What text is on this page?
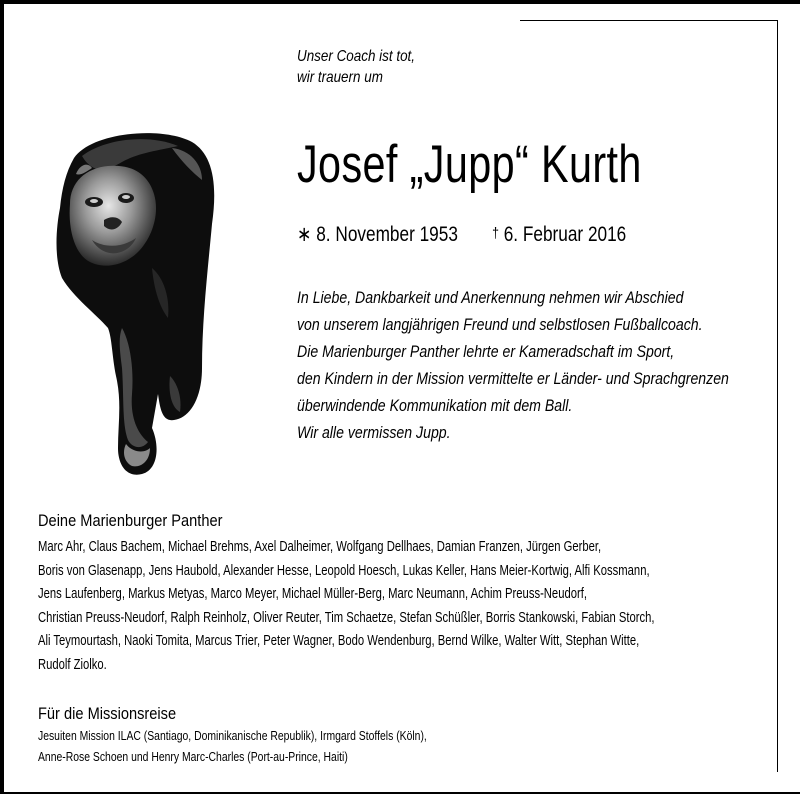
Unser Coach ist tot,
wir trauern um
Josef „Jupp“ Kurth
∗ 8. November 1953 † 6. Februar 2016
In Liebe, Dankbarkeit und Anerkennung nehmen wir Abschied
von unserem langjährigen Freund und selbstlosen Fußballcoach.
Die Marienburger Panther lehrte er Kameradschaft im Sport,
den Kindern in der Mission vermittelte er Länder- und Sprachgrenzen
überwindende Kommunikation mit dem Ball.
Wir alle vermissen Jupp.
Deine Marienburger Panther
Marc Ahr, Claus Bachem, Michael Brehms, Axel Dalheimer, Wolfgang Dellhaes, Damian Franzen, Jürgen Gerber,
Boris von Glasenapp, Jens Haubold, Alexander Hesse, Leopold Hoesch, Lukas Keller, Hans Meier-Kortwig, Alfi Kossmann,
Jens Laufenberg, Markus Metyas, Marco Meyer, Michael Müller-Berg, Marc Neumann, Achim Preuss-Neudorf,
Christian Preuss-Neudorf, Ralph Reinholz, Oliver Reuter, Tim Schaetze, Stefan Schüßler, Borris Stankowski, Fabian Storch,
Ali Teymourtash, Naoki Tomita, Marcus Trier, Peter Wagner, Bodo Wendenburg, Bernd Wilke, Walter Witt, Stephan Witte,
Rudolf Ziolko.
Für die Missionsreise
Jesuiten Mission ILAC (Santiago, Dominikanische Republik), Irmgard Stoffels (Köln),
Anne-Rose Schoen und Henry Marc-Charles (Port-au-Prince, Haiti)
